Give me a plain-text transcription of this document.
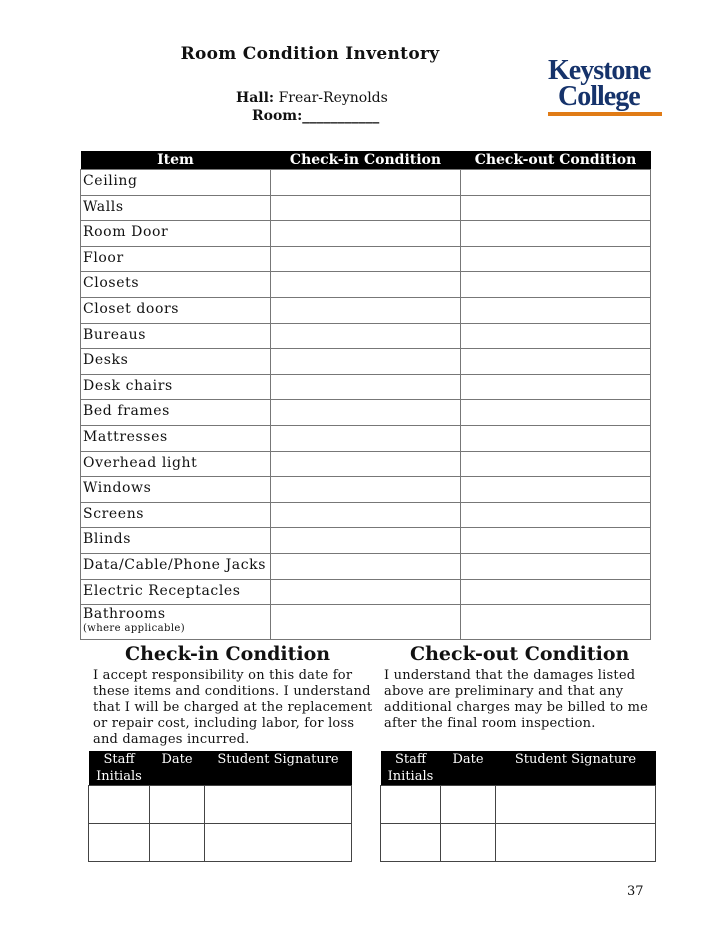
Room Condition Inventory
Hall: Frear-Reynolds
Room:___________
Keystone
College
Item	Check-in Condition	Check-out Condition
Ceiling		
Walls		
Room Door		
Floor		
Closets		
Closet doors		
Bureaus		
Desks		
Desk chairs		
Bed frames		
Mattresses		
Overhead light		
Windows		
Screens		
Blinds		
Data/Cable/Phone Jacks		
Electric Receptacles		
Bathrooms
(where applicable)		

Check-in Condition	Check-out Condition
I accept responsibility on this date for
these items and conditions. I understand
that I will be charged at the replacement
or repair cost, including labor, for loss
and damages incurred.
I understand that the damages listed
above are preliminary and that any
additional charges may be billed to me
after the final room inspection.
Staff Initials	Date	Student Signature

			Staff Initials	Date	Student Signature

37
